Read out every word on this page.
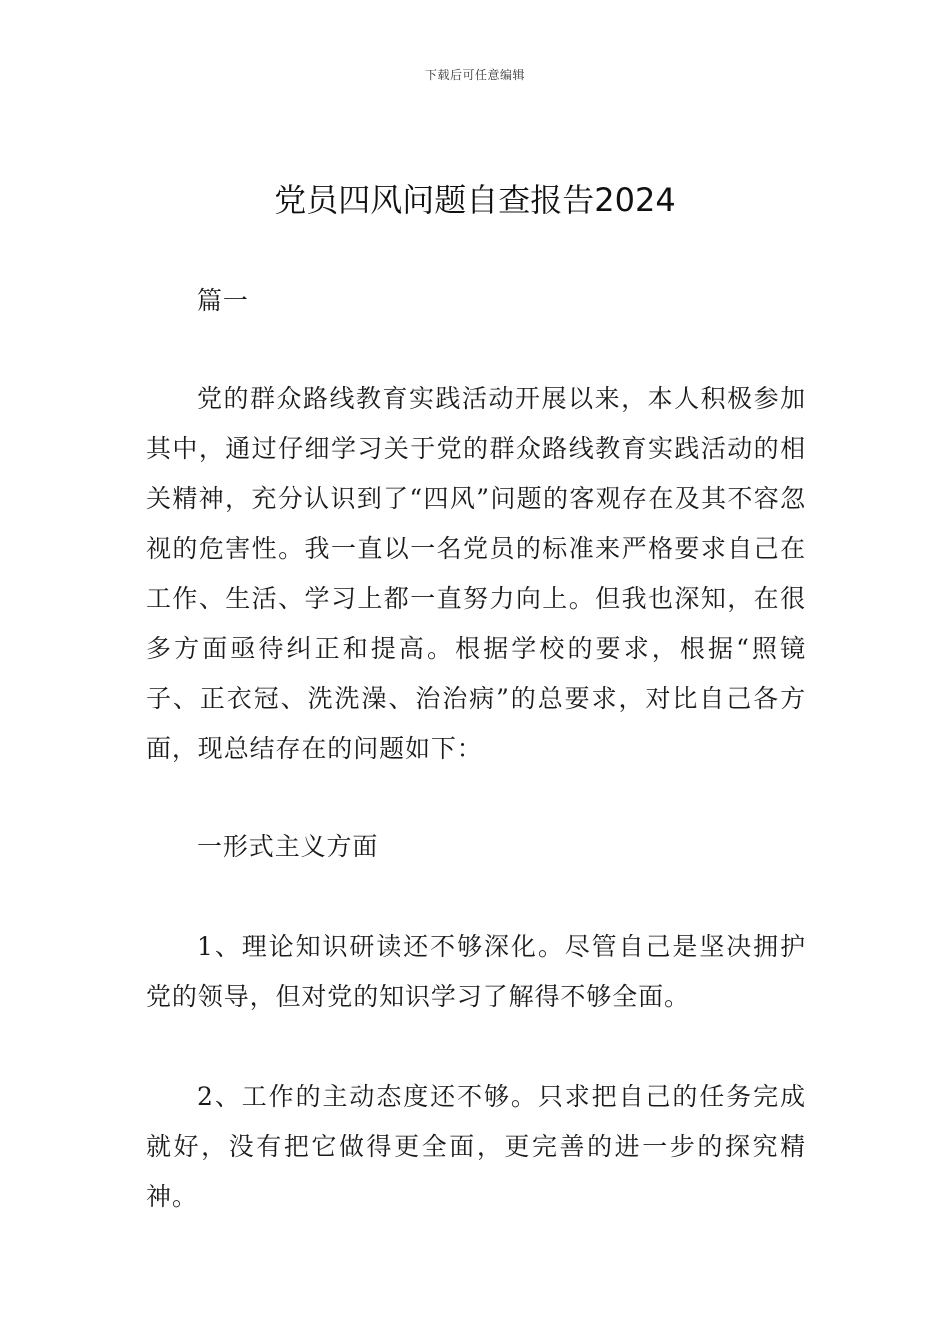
下载后可任意编辑
党员四风问题自查报告2024

篇一

党的群众路线教育实践活动开展以来，本人积极参加其中，通过仔细学习关于党的群众路线教育实践活动的相关精神，充分认识到了“四风”问题的客观存在及其不容忽视的危害性。我一直以一名党员的标准来严格要求自己在工作、生活、学习上都一直努力向上。但我也深知，在很多方面亟待纠正和提高。根据学校的要求，根据“照镜子、正衣冠、洗洗澡、治治病”的总要求，对比自己各方面，现总结存在的问题如下：

一形式主义方面

1、理论知识研读还不够深化。尽管自己是坚决拥护党的领导，但对党的知识学习了解得不够全面。

2、工作的主动态度还不够。只求把自己的任务完成就好，没有把它做得更全面，更完善的进一步的探究精神。
